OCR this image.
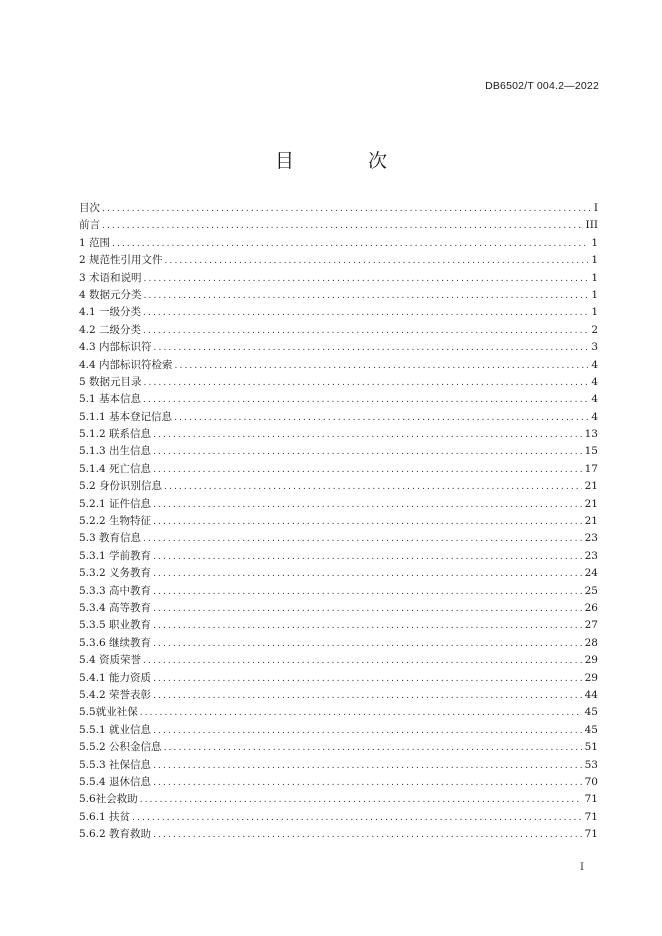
DB6502/T 004.2—2022
目 次
目次 .....	I
前言 .....	III
1 范围 .....	1
2 规范性引用文件 .....	1
3 术语和说明 .....	1
4 数据元分类 .....	1
4.1 一级分类 .....	1
4.2 二级分类 .....	2
4.3 内部标识符 .....	3
4.4 内部标识符检索 .....	4
5 数据元目录 .....	4
5.1 基本信息 .....	4
5.1.1 基本登记信息 .....	4
5.1.2 联系信息 .....	13
5.1.3 出生信息 .....	15
5.1.4 死亡信息 .....	17
5.2 身份识别信息 .....	21
5.2.1 证件信息 .....	21
5.2.2 生物特征 .....	21
5.3 教育信息 .....	23
5.3.1 学前教育 .....	23
5.3.2 义务教育 .....	24
5.3.3 高中教育 .....	25
5.3.4 高等教育 .....	26
5.3.5 职业教育 .....	27
5.3.6 继续教育 .....	28
5.4 资质荣誉 .....	29
5.4.1 能力资质 .....	29
5.4.2 荣誉表彰 .....	44
5.5就业社保 .....	45
5.5.1 就业信息 .....	45
5.5.2 公积金信息 .....	51
5.5.3 社保信息 .....	53
5.5.4 退休信息 .....	70
5.6社会救助 .....	71
5.6.1 扶贫 .....	71
5.6.2 教育救助 .....	71
I
